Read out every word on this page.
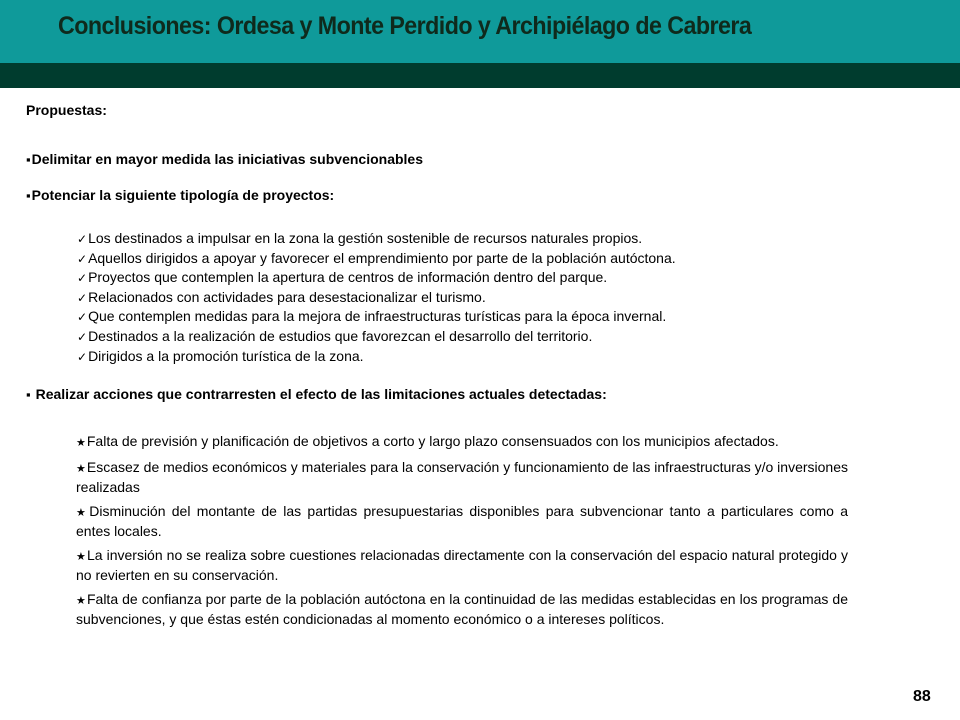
Conclusiones: Ordesa y Monte Perdido y Archipiélago de Cabrera
Propuestas:
▪ Delimitar en mayor medida las iniciativas subvencionables
▪ Potenciar la siguiente tipología de proyectos:
✓ Los destinados a impulsar en la zona la gestión sostenible de recursos naturales propios.
✓ Aquellos dirigidos a apoyar y favorecer el emprendimiento por parte de la población autóctona.
✓ Proyectos que contemplen la apertura de centros de información dentro del parque.
✓ Relacionados con actividades para desestacionalizar el turismo.
✓ Que contemplen medidas para la mejora de infraestructuras turísticas para la época invernal.
✓ Destinados a la realización de estudios que favorezcan el desarrollo del territorio.
✓ Dirigidos a la promoción turística de la zona.
▪ Realizar acciones que contrarresten el efecto de las limitaciones actuales detectadas:
★ Falta de previsión y planificación de objetivos a corto y largo plazo consensuados con los municipios afectados.
★ Escasez de medios económicos y materiales para la conservación y funcionamiento de las infraestructuras y/o inversiones realizadas
★ Disminución del montante de las partidas presupuestarias disponibles para subvencionar tanto a particulares como a entes locales.
★ La inversión no se realiza sobre cuestiones relacionadas directamente con la conservación del espacio natural protegido y no revierten en su conservación.
★ Falta de confianza por parte de la población autóctona en la continuidad de las medidas establecidas en los programas de subvenciones, y que éstas estén condicionadas al momento económico o a intereses políticos.
88
